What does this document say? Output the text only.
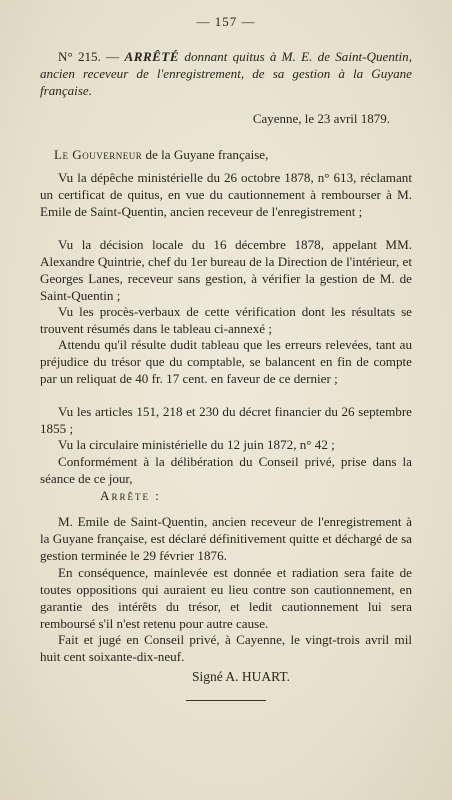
— 157 —
N° 215. — ARRÊTÉ donnant quitus à M. E. de Saint-Quentin, ancien receveur de l'enregistrement, de sa gestion à la Guyane française.
Cayenne, le 23 avril 1879.
Le Gouverneur de la Guyane française,
Vu la dépêche ministérielle du 26 octobre 1878, n° 613, réclamant un certificat de quitus, en vue du cautionnement à rembourser à M. Emile de Saint-Quentin, ancien receveur de l'enregistrement ;
Vu la décision locale du 16 décembre 1878, appelant MM. Alexandre Quintrie, chef du 1er bureau de la Direction de l'intérieur, et Georges Lanes, receveur sans gestion, à vérifier la gestion de M. de Saint-Quentin ;
Vu les procès-verbaux de cette vérification dont les résultats se trouvent résumés dans le tableau ci-annexé ;
Attendu qu'il résulte dudit tableau que les erreurs relevées, tant au préjudice du trésor que du comptable, se balancent en fin de compte par un reliquat de 40 fr. 17 cent. en faveur de ce dernier ;
Vu les articles 151, 218 et 230 du décret financier du 26 septembre 1855 ;
Vu la circulaire ministérielle du 12 juin 1872, n° 42 ;
Conformément à la délibération du Conseil privé, prise dans la séance de ce jour,
Arrête :
M. Emile de Saint-Quentin, ancien receveur de l'enregistrement à la Guyane française, est déclaré définitivement quitte et déchargé de sa gestion terminée le 29 février 1876.
En conséquence, mainlevée est donnée et radiation sera faite de toutes oppositions qui auraient eu lieu contre son cautionnement, en garantie des intérêts du trésor, et ledit cautionnement lui sera remboursé s'il n'est retenu pour autre cause.
Fait et jugé en Conseil privé, à Cayenne, le vingt-trois avril mil huit cent soixante-dix-neuf.
Signé A. HUART.
